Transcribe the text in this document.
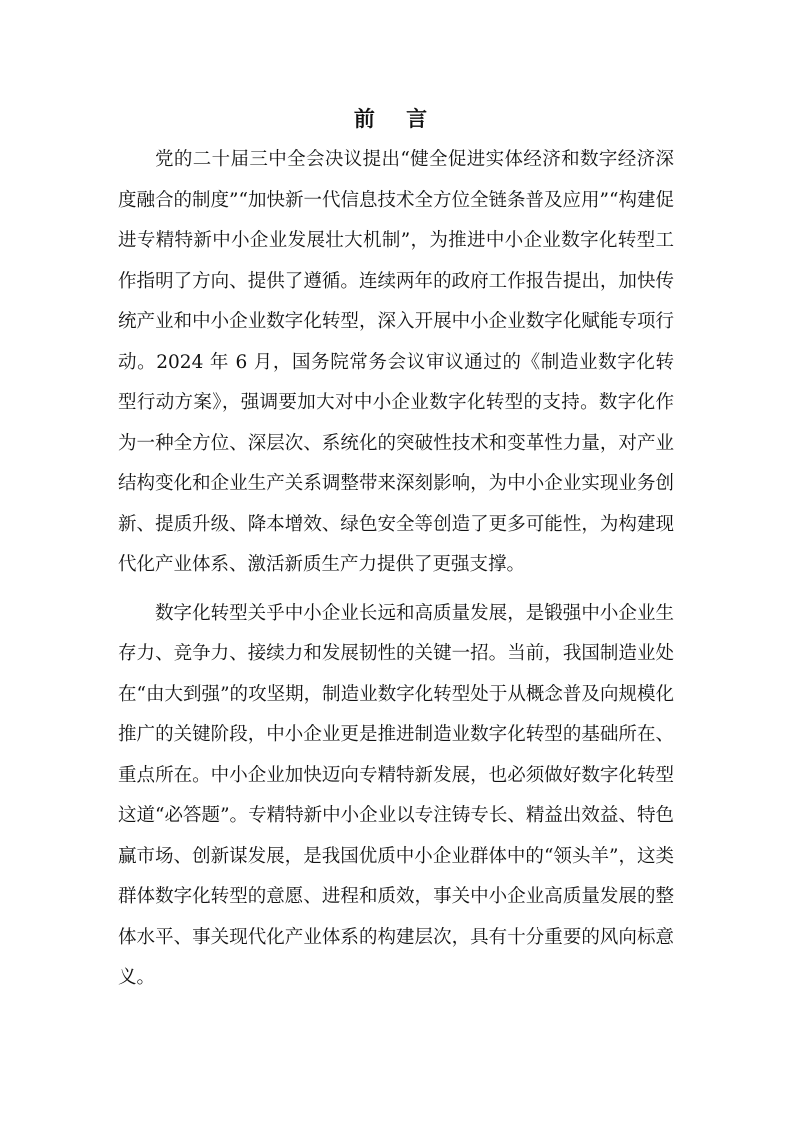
前 言

党的二十届三中全会决议提出“健全促进实体经济和数字经济深度融合的制度”“加快新一代信息技术全方位全链条普及应用”“构建促进专精特新中小企业发展壮大机制”，为推进中小企业数字化转型工作指明了方向、提供了遵循。连续两年的政府工作报告提出，加快传统产业和中小企业数字化转型，深入开展中小企业数字化赋能专项行动。2024 年 6 月，国务院常务会议审议通过的《制造业数字化转型行动方案》，强调要加大对中小企业数字化转型的支持。数字化作为一种全方位、深层次、系统化的突破性技术和变革性力量，对产业结构变化和企业生产关系调整带来深刻影响，为中小企业实现业务创新、提质升级、降本增效、绿色安全等创造了更多可能性，为构建现代化产业体系、激活新质生产力提供了更强支撑。

数字化转型关乎中小企业长远和高质量发展，是锻强中小企业生存力、竞争力、接续力和发展韧性的关键一招。当前，我国制造业处在“由大到强”的攻坚期，制造业数字化转型处于从概念普及向规模化推广的关键阶段，中小企业更是推进制造业数字化转型的基础所在、重点所在。中小企业加快迈向专精特新发展，也必须做好数字化转型这道“必答题”。专精特新中小企业以专注铸专长、精益出效益、特色赢市场、创新谋发展，是我国优质中小企业群体中的“领头羊”，这类群体数字化转型的意愿、进程和质效，事关中小企业高质量发展的整体水平、事关现代化产业体系的构建层次，具有十分重要的风向标意义。
